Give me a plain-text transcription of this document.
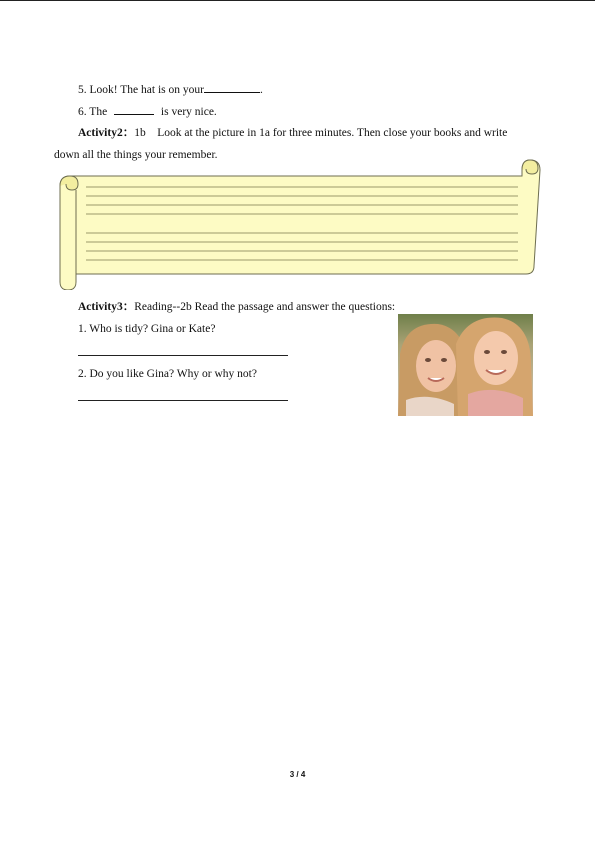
5. Look! The hat is on your	.
6. The	is very nice.
Activity2：1b    Look at the picture in 1a for three minutes. Then close your books and write
down all the things your remember.
Activity3：Reading--2b Read the passage and answer the questions:
1. Who is tidy? Gina or Kate?
2. Do you like Gina? Why or why not?
3 / 4
